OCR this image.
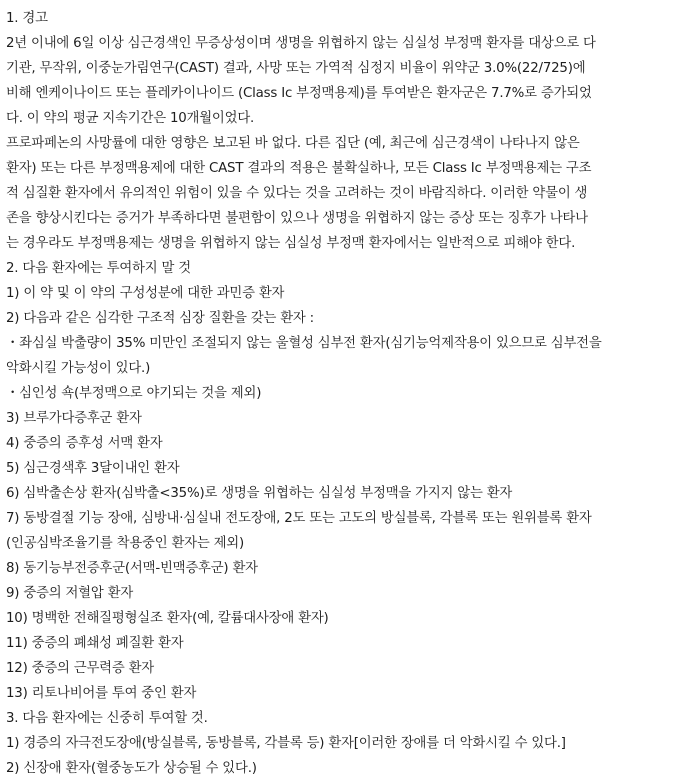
1. 경고
2년 이내에 6일 이상 심근경색인 무증상성이며 생명을 위협하지 않는 심실성 부정맥 환자를 대상으로 다
기관, 무작위, 이중눈가림연구(CAST) 결과, 사망 또는 가역적 심정지 비율이 위약군 3.0%(22/725)에
비해 엔케이나이드 또는 플레카이나이드 (Class Ⅰc 부정맥용제)를 투여받은 환자군은 7.7%로 증가되었
다. 이 약의 평균 지속기간은 10개월이었다.
프로파페논의 사망률에 대한 영향은 보고된 바 없다. 다른 집단 (예, 최근에 심근경색이 나타나지 않은
환자) 또는 다른 부정맥용제에 대한 CAST 결과의 적용은 불확실하나, 모든 Class Ⅰc 부정맥용제는 구조
적 심질환 환자에서 유의적인 위험이 있을 수 있다는 것을 고려하는 것이 바람직하다. 이러한 약물이 생
존을 향상시킨다는 증거가 부족하다면 불편함이 있으나 생명을 위협하지 않는 증상 또는 징후가 나타나
는 경우라도 부정맥용제는 생명을 위협하지 않는 심실성 부정맥 환자에서는 일반적으로 피해야 한다.
2. 다음 환자에는 투여하지 말 것
1) 이 약 및 이 약의 구성성분에 대한 과민증 환자
2) 다음과 같은 심각한 구조적 심장 질환을 갖는 환자 :
・좌심실 박출량이 35% 미만인 조절되지 않는 울혈성 심부전 환자(심기능억제작용이 있으므로 심부전을
악화시킬 가능성이 있다.)
・심인성 쇽(부정맥으로 야기되는 것을 제외)
3) 브루가다증후군 환자
4) 중증의 증후성 서맥 환자
5) 심근경색후 3달이내인 환자
6) 심박출손상 환자(심박출<35%)로 생명을 위협하는 심실성 부정맥을 가지지 않는 환자
7) 동방결절 기능 장애, 심방내·심실내 전도장애, 2도 또는 고도의 방실블록, 각블록 또는 원위블록 환자
(인공심박조율기를 착용중인 환자는 제외)
8) 동기능부전증후군(서맥-빈맥증후군) 환자
9) 중증의 저혈압 환자
10) 명백한 전해질평형실조 환자(예, 칼륨대사장애 환자)
11) 중증의 폐쇄성 폐질환 환자
12) 중증의 근무력증 환자
13) 리토나비어를 투여 중인 환자
3. 다음 환자에는 신중히 투여할 것.
1) 경증의 자극전도장애(방실블록, 동방블록, 각블록 등) 환자[이러한 장애를 더 악화시킬 수 있다.]
2) 신장애 환자(혈중농도가 상승될 수 있다.)
